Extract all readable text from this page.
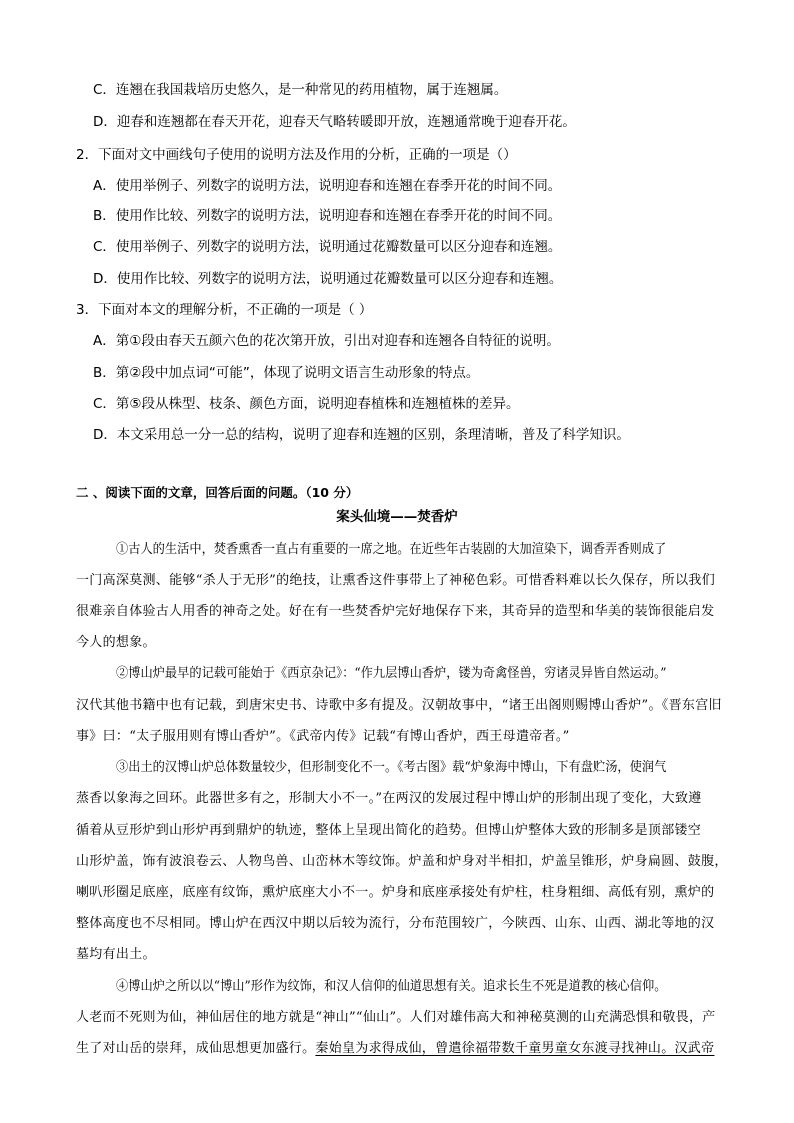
C．连翘在我国栽培历史悠久，是一种常见的药用植物，属于连翘属。
D．迎春和连翘都在春天开花，迎春天气略转暖即开放，连翘通常晚于迎春开花。
2．下面对文中画线句子使用的说明方法及作用的分析，正确的一项是（）
A．使用举例子、列数字的说明方法，说明迎春和连翘在春季开花的时间不同。
B．使用作比较、列数字的说明方法，说明迎春和连翘在春季开花的时间不同。
C．使用举例子、列数字的说明方法，说明通过花瓣数量可以区分迎春和连翘。
D．使用作比较、列数字的说明方法，说明通过花瓣数量可以区分迎春和连翘。
3．下面对本文的理解分析，不正确的一项是（ ）
A．第①段由春天五颜六色的花次第开放，引出对迎春和连翘各自特征的说明。
B．第②段中加点词“可能”，体现了说明文语言生动形象的特点。
C．第⑤段从株型、枝条、颜色方面，说明迎春植株和连翘植株的差异。
D．本文采用总一分一总的结构，说明了迎春和连翘的区别，条理清晰，普及了科学知识。
二 、阅读下面的文章，回答后面的问题。（10 分）
案头仙境——焚香炉
①古人的生活中，焚香熏香一直占有重要的一席之地。在近些年古装剧的大加渲染下，调香弄香则成了
一门高深莫测、能够“杀人于无形”的绝技，让熏香这件事带上了神秘色彩。可惜香料难以长久保存，所以我们
很难亲自体验古人用香的神奇之处。好在有一些焚香炉完好地保存下来，其奇异的造型和华美的装饰很能启发
今人的想象。
②博山炉最早的记载可能始于《西京杂记》：“作九层博山香炉，镂为奇禽怪兽，穷诸灵异皆自然运动。”
汉代其他书籍中也有记载，到唐宋史书、诗歌中多有提及。汉朝故事中，“诸王出阁则赐博山香炉”。《晋东宫旧
事》曰：“太子服用则有博山香炉”。《武帝内传》记载“有博山香炉，西王母遣帝者。”
③出土的汉博山炉总体数量较少，但形制变化不一。《考古图》载“炉象海中博山，下有盘贮汤，使润气
蒸香以象海之回环。此器世多有之，形制大小不一。”在两汉的发展过程中博山炉的形制出现了变化，大致遵
循着从豆形炉到山形炉再到鼎炉的轨迹，整体上呈现出简化的趋势。但博山炉整体大致的形制多是顶部镂空
山形炉盖，饰有波浪卷云、人物鸟兽、山峦林木等纹饰。炉盖和炉身对半相扣，炉盖呈锥形，炉身扁圆、鼓腹，
喇叭形圈足底座，底座有纹饰，熏炉底座大小不一。炉身和底座承接处有炉柱，柱身粗细、高低有别，熏炉的
整体高度也不尽相同。博山炉在西汉中期以后较为流行，分布范围较广，今陕西、山东、山西、湖北等地的汉
墓均有出土。
④博山炉之所以以“博山”形作为纹饰，和汉人信仰的仙道思想有关。追求长生不死是道教的核心信仰。
人老而不死则为仙，神仙居住的地方就是“神山”“仙山”。人们对雄伟高大和神秘莫测的山充满恐惧和敬畏，产
生了对山岳的崇拜，成仙思想更加盛行。秦始皇为求得成仙，曾遣徐福带数千童男童女东渡寻找神山。汉武帝
